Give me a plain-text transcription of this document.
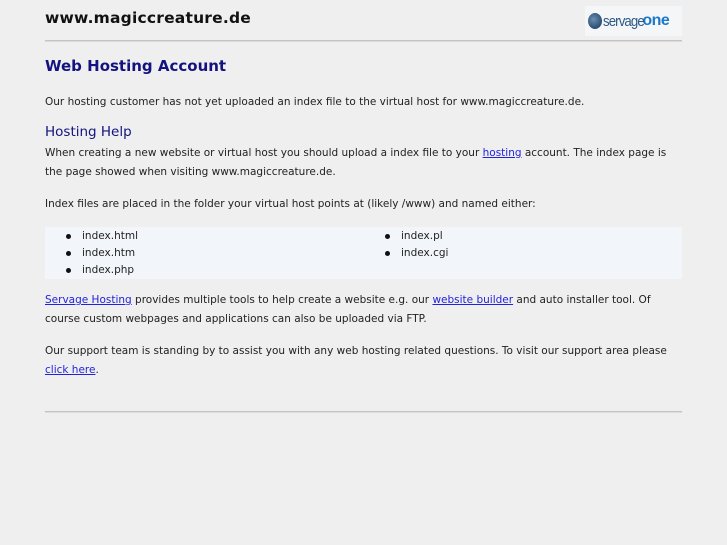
www.magiccreature.de	servage
one
Web Hosting Account

Our hosting customer has not yet uploaded an index file to the virtual host for www.magiccreature.de.

Hosting Help

When creating a new website or virtual host you should upload a index file to your hosting account. The index page is the page showed when visiting www.magiccreature.de.

Index files are placed in the folder your virtual host points at (likely /www) and named either:

index.html
index.htm
index.php
index.pl
index.cgi

Servage Hosting provides multiple tools to help create a website e.g. our website builder and auto installer tool. Of course custom webpages and applications can also be uploaded via FTP.

Our support team is standing by to assist you with any web hosting related questions. To visit our support area please click here.
